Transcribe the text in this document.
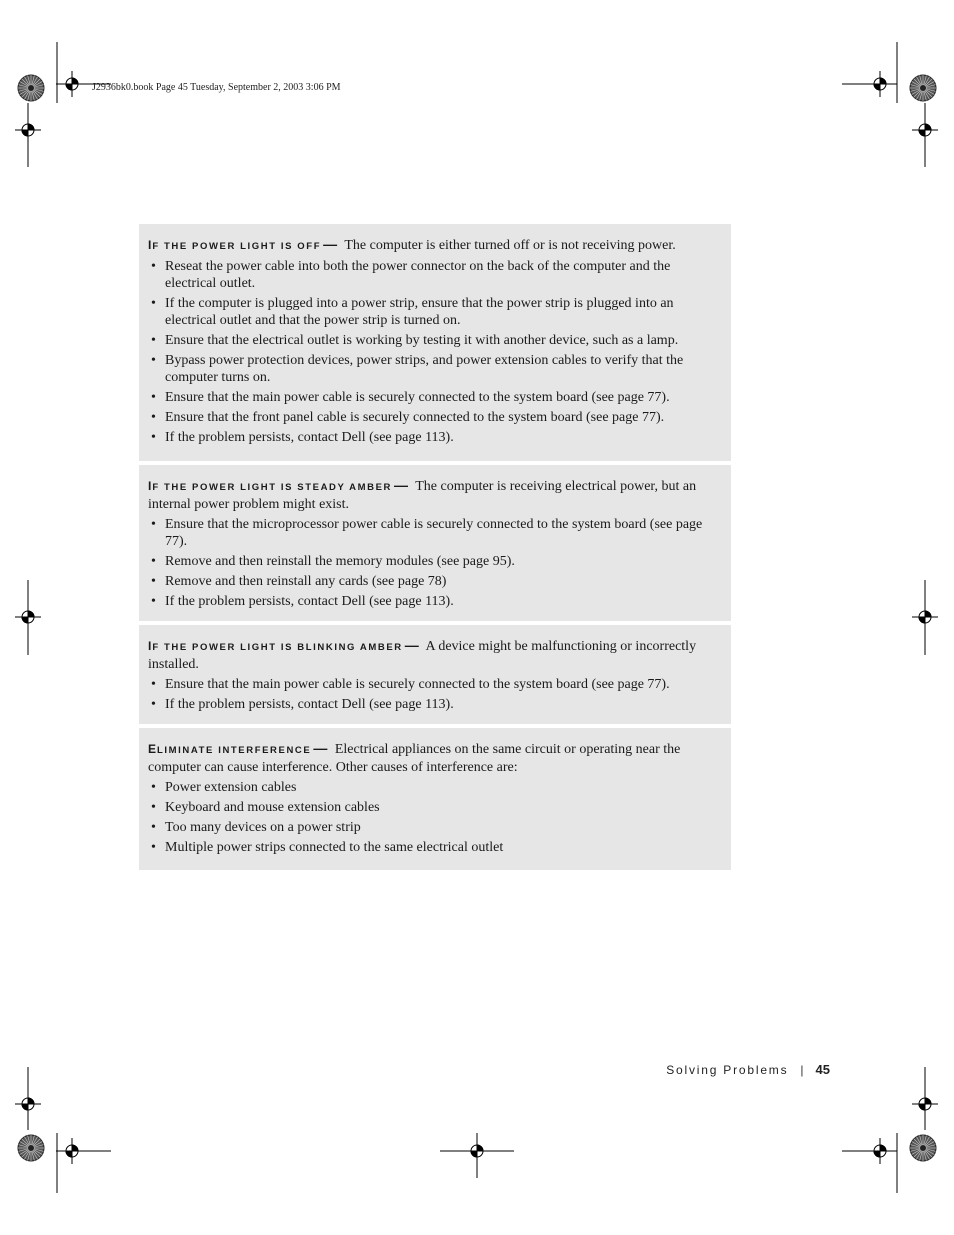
J2936bk0.book Page 45 Tuesday, September 2, 2003 3:06 PM

IF THE POWER LIGHT IS OFF — The computer is either turned off or is not receiving power.

• Reseat the power cable into both the power connector on the back of the computer and the electrical outlet.
• If the computer is plugged into a power strip, ensure that the power strip is plugged into an electrical outlet and that the power strip is turned on.
• Ensure that the electrical outlet is working by testing it with another device, such as a lamp.
• Bypass power protection devices, power strips, and power extension cables to verify that the computer turns on.
• Ensure that the main power cable is securely connected to the system board (see page 77).
• Ensure that the front panel cable is securely connected to the system board (see page 77).
• If the problem persists, contact Dell (see page 113).

IF THE POWER LIGHT IS STEADY AMBER — The computer is receiving electrical power, but an internal power problem might exist.

• Ensure that the microprocessor power cable is securely connected to the system board (see page 77).
• Remove and then reinstall the memory modules (see page 95).
• Remove and then reinstall any cards (see page 78)
• If the problem persists, contact Dell (see page 113).

IF THE POWER LIGHT IS BLINKING AMBER — A device might be malfunctioning or incorrectly installed.

• Ensure that the main power cable is securely connected to the system board (see page 77).
• If the problem persists, contact Dell (see page 113).

ELIMINATE INTERFERENCE — Electrical appliances on the same circuit or operating near the computer can cause interference. Other causes of interference are:

• Power extension cables
• Keyboard and mouse extension cables
• Too many devices on a power strip
• Multiple power strips connected to the same electrical outlet
Solving Problems | 45
